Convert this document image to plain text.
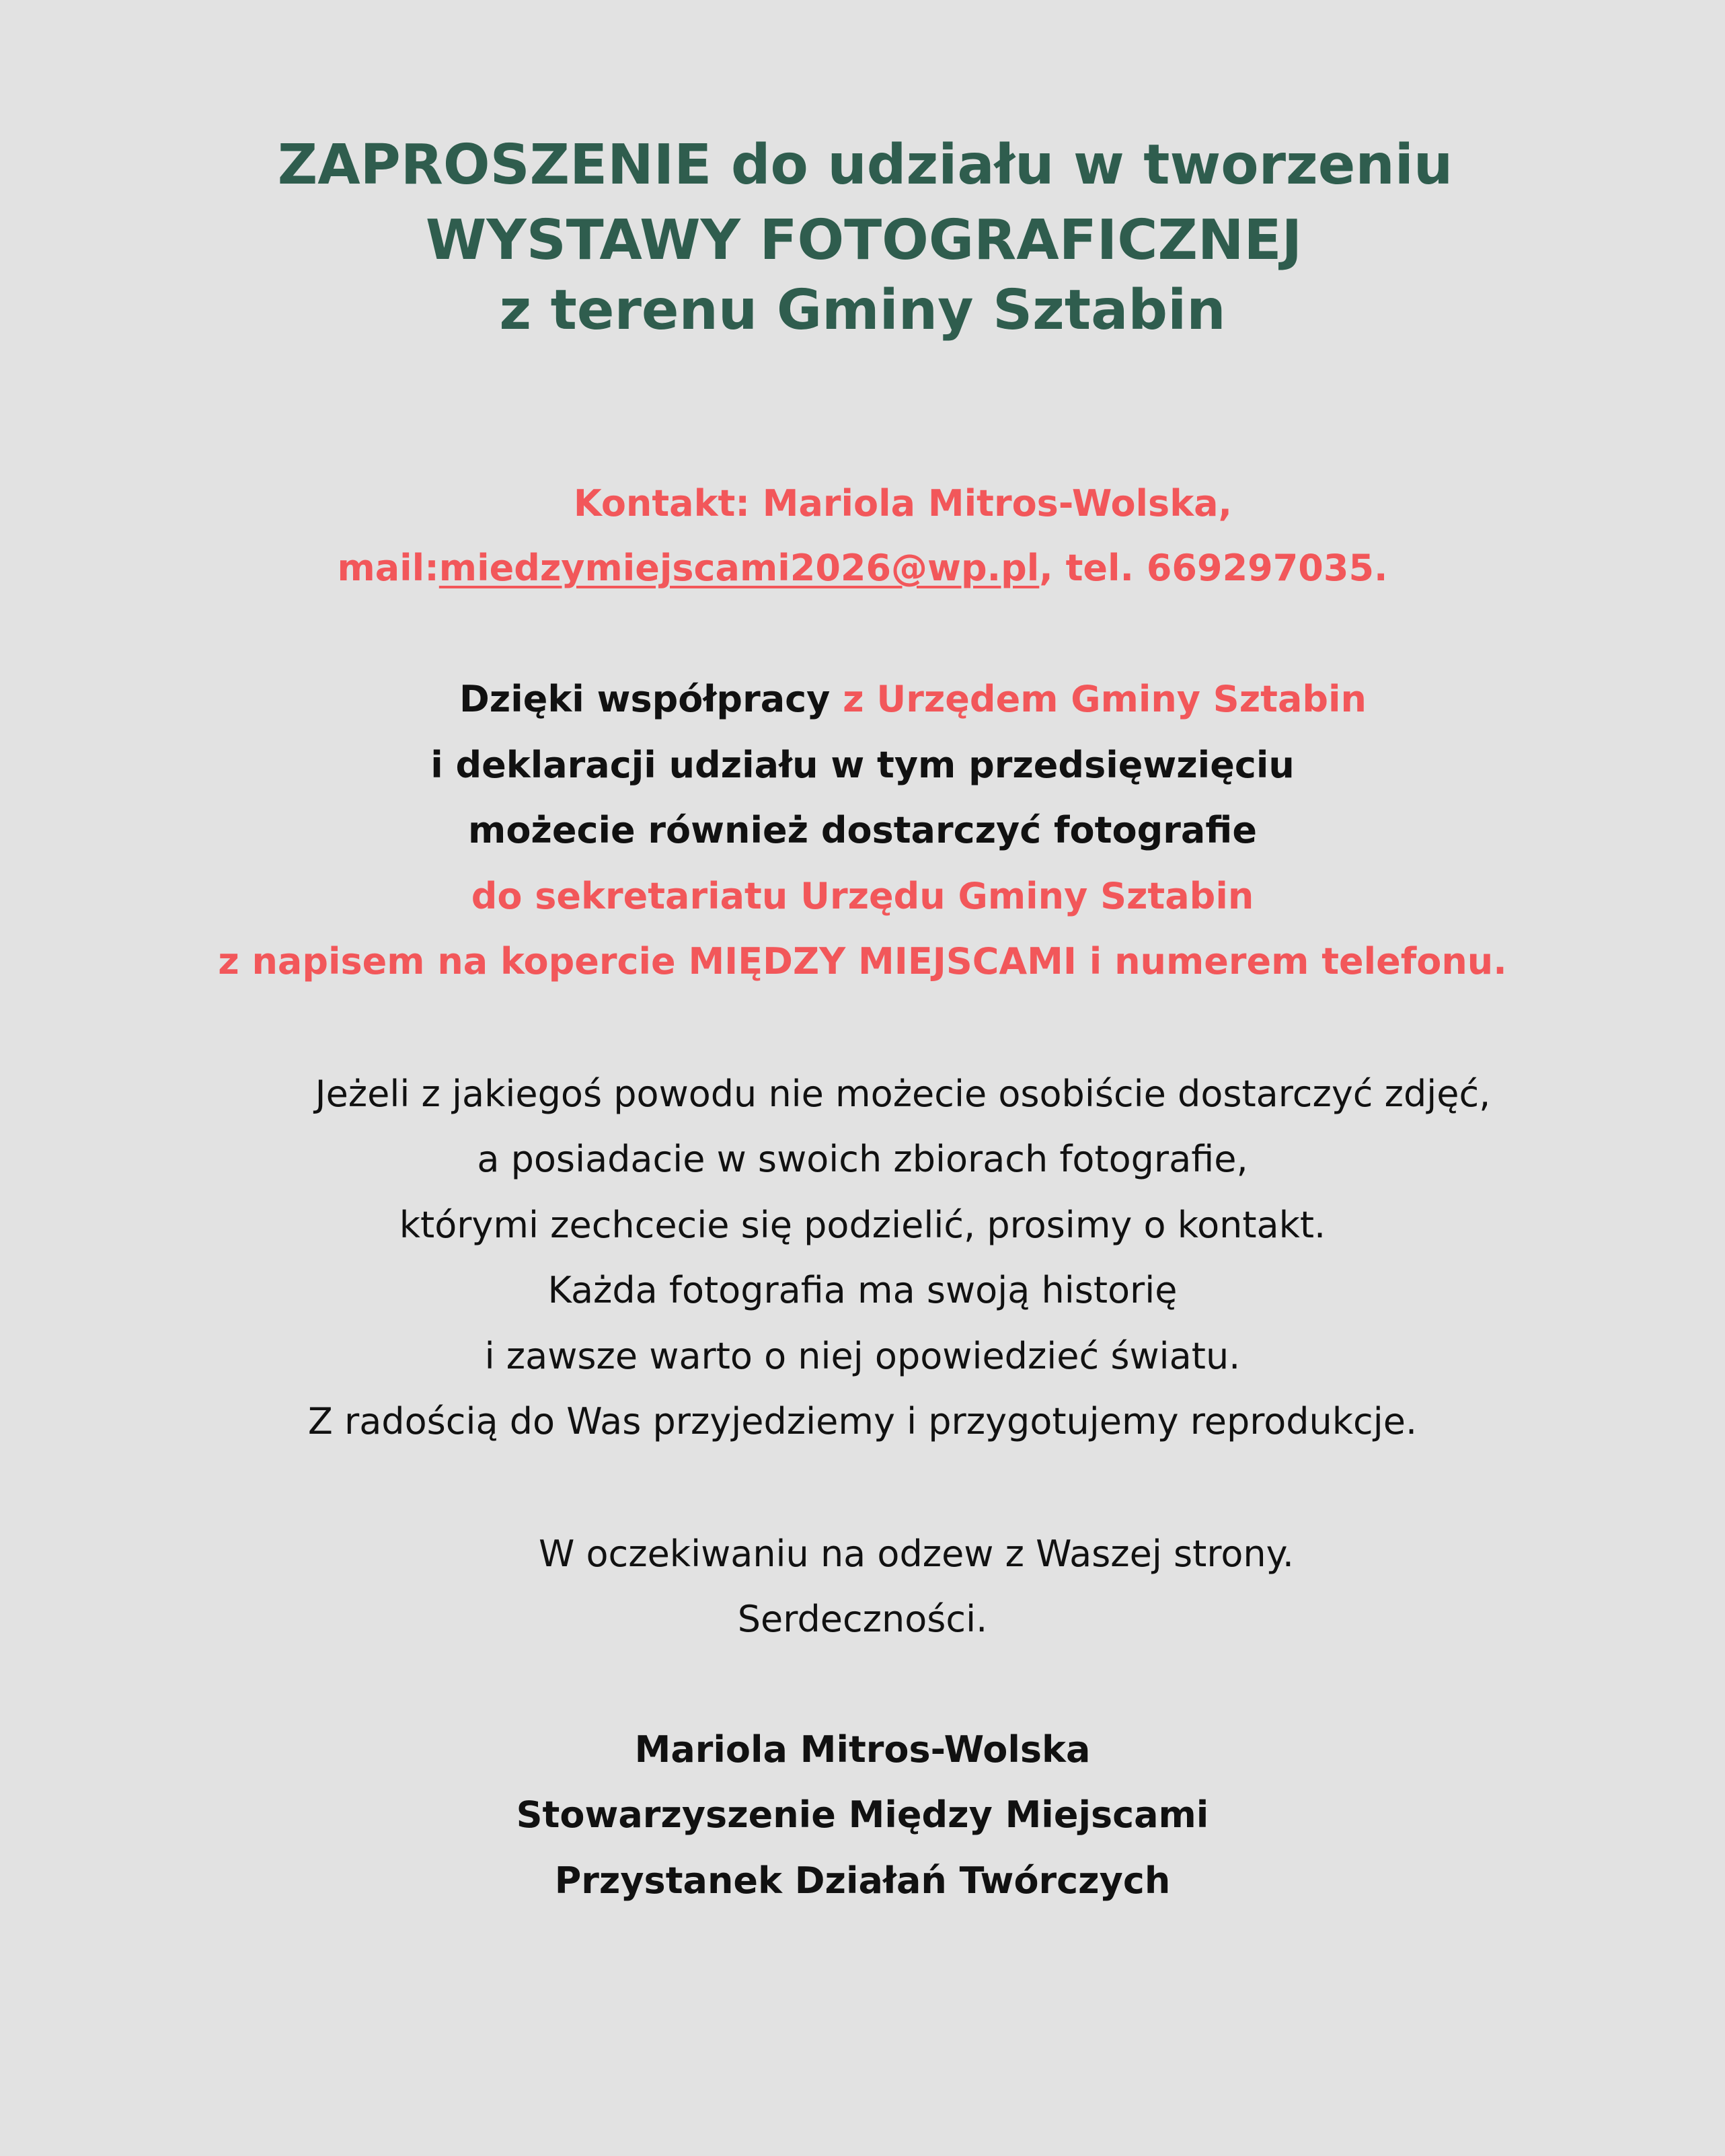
ZAPROSZENIE do udziału w tworzeniu
WYSTAWY FOTOGRAFICZNEJ
z terenu Gminy Sztabin
Kontakt: Mariola Mitros-Wolska,
mail:miedzymiejscami2026@wp.pl, tel. 669297035.
Dzięki współpracy z Urzędem Gminy Sztabin
i deklaracji udziału w tym przedsięwzięciu
możecie również dostarczyć fotografie
do sekretariatu Urzędu Gminy Sztabin
z napisem na kopercie MIĘDZY MIEJSCAMI i numerem telefonu.
Jeżeli z jakiegoś powodu nie możecie osobiście dostarczyć zdjęć,
a posiadacie w swoich zbiorach fotografie,
którymi zechcecie się podzielić, prosimy o kontakt.
Każda fotografia ma swoją historię
i zawsze warto o niej opowiedzieć światu.
Z radością do Was przyjedziemy i przygotujemy reprodukcje.
W oczekiwaniu na odzew z Waszej strony.
Serdeczności.
Mariola Mitros-Wolska
Stowarzyszenie Między Miejscami
Przystanek Działań Twórczych
